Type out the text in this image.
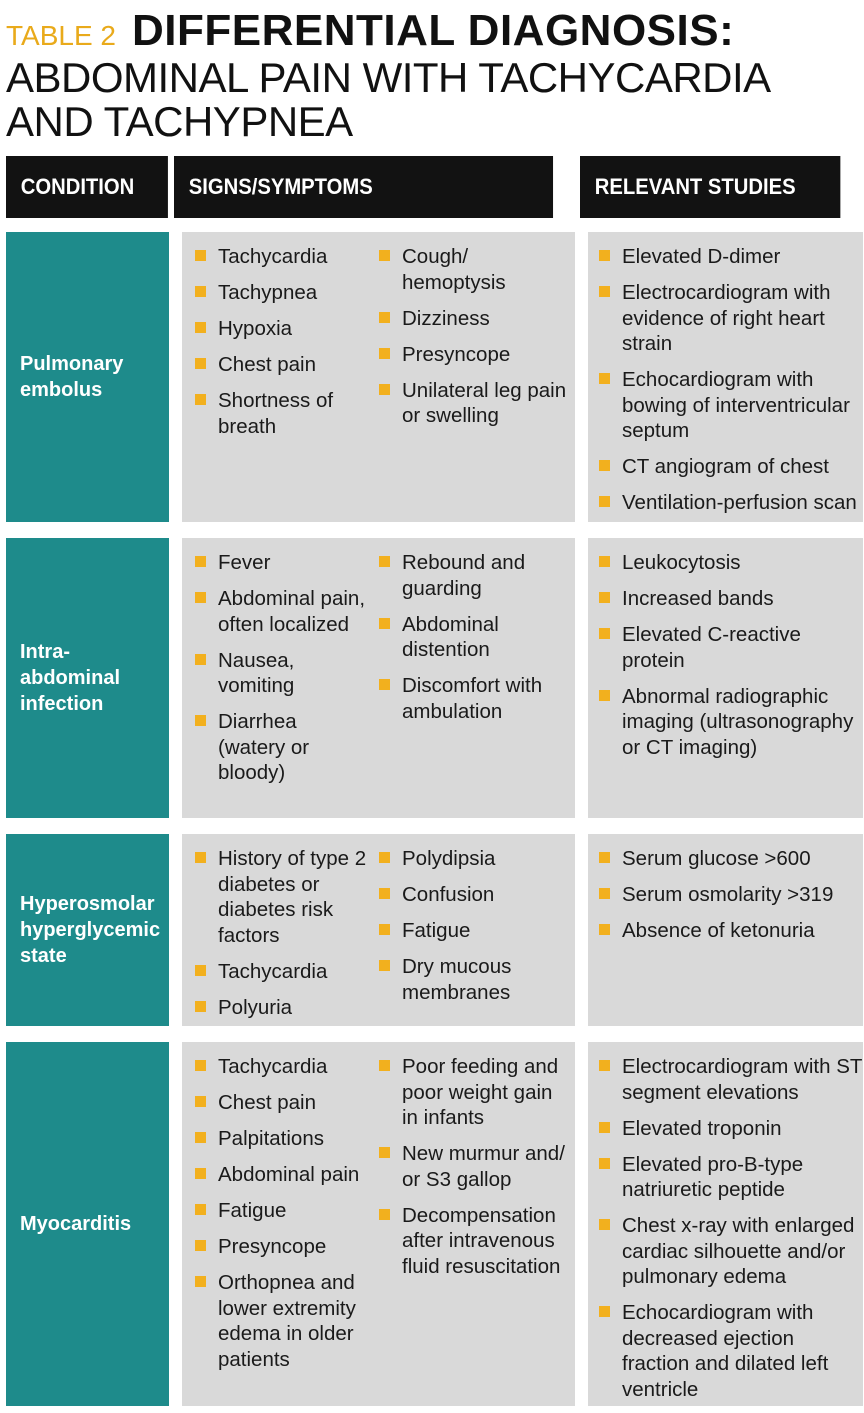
TABLE 2 DIFFERENTIAL DIAGNOSIS:
ABDOMINAL PAIN WITH TACHYCARDIA
AND TACHYPNEA
CONDITION	SIGNS/SYMPTOMS	RELEVANT STUDIES
Pulmonary
embolus
Tachycardia
Tachypnea
Hypoxia
Chest pain
Shortness of breath
Cough/ hemoptysis
Dizziness
Presyncope
Unilateral leg pain or swelling
Elevated D-dimer
Electrocardiogram with evidence of right heart strain
Echocardiogram with bowing of interventricular septum
CT angiogram of chest
Ventilation-perfusion scan
Intra-
abdominal
infection
Fever
Abdominal pain, often localized
Nausea, vomiting
Diarrhea (watery or bloody)
Rebound and guarding
Abdominal distention
Discomfort with ambulation
Leukocytosis
Increased bands
Elevated C-reactive protein
Abnormal radiographic imaging (ultrasonography or CT imaging)
Hyperosmolar
hyperglycemic
state
History of type 2 diabetes or diabetes risk factors
Tachycardia
Polyuria
Polydipsia
Confusion
Fatigue
Dry mucous membranes
Serum glucose >600
Serum osmolarity >319
Absence of ketonuria
Myocarditis
Tachycardia
Chest pain
Palpitations
Abdominal pain
Fatigue
Presyncope
Orthopnea and lower extremity edema in older patients
Poor feeding and poor weight gain in infants
New murmur and/ or S3 gallop
Decompensation after intravenous fluid resuscitation
Electrocardiogram with ST segment elevations
Elevated troponin
Elevated pro-B-type natriuretic peptide
Chest x-ray with enlarged cardiac silhouette and/or pulmonary edema
Echocardiogram with decreased ejection fraction and dilated left ventricle
